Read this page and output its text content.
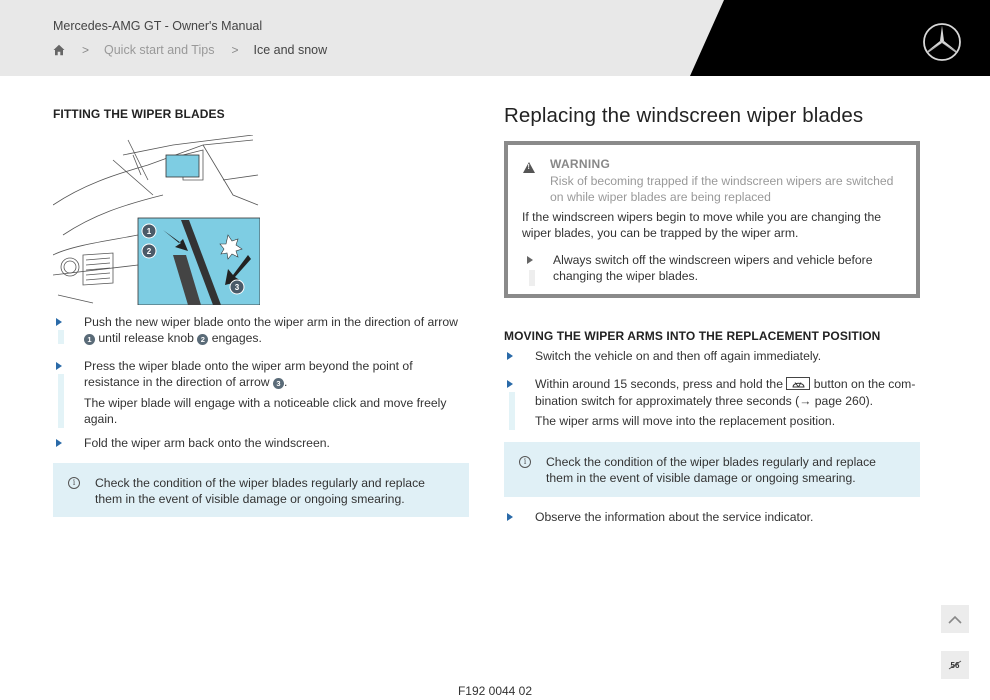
Mercedes-AMG GT - Owner's Manual
> Quick start and Tips > Ice and snow
FITTING THE WIPER BLADES
1
2
3

Push the new wiper blade onto the wiper arm in the direction of arrow 1 until release knob 2 engages.

Press the wiper blade onto the wiper arm beyond the point of resistance in the direction of arrow 3 .

The wiper blade will engage with a noticeable click and move freely again.

Fold the wiper arm back onto the windscreen.

i	Check the condition of the wiper blades regularly and replace them in the event of visible damage or ongoing smearing.

Replacing the windscreen wiper blades
!
WARNING
Risk of becoming trapped if the windscreen wipers are switched on while wiper blades are being replaced
If the windscreen wipers begin to move while you are changing the wiper blades, you can be trapped by the wiper arm.
Always switch off the windscreen wipers and vehicle before changing the wiper blades.
MOVING THE WIPER ARMS INTO THE REPLACEMENT POSITION

Switch the vehicle on and then off again immediately.

Within around 15 seconds, press and hold the	button on the com- bination switch for approximately three seconds (→ page 260).

The wiper arms will move into the replacement position.

i	Check the condition of the wiper blades regularly and replace them in the event of visible damage or ongoing smearing.

Observe the information about the service indicator.

56
F192 0044 02
